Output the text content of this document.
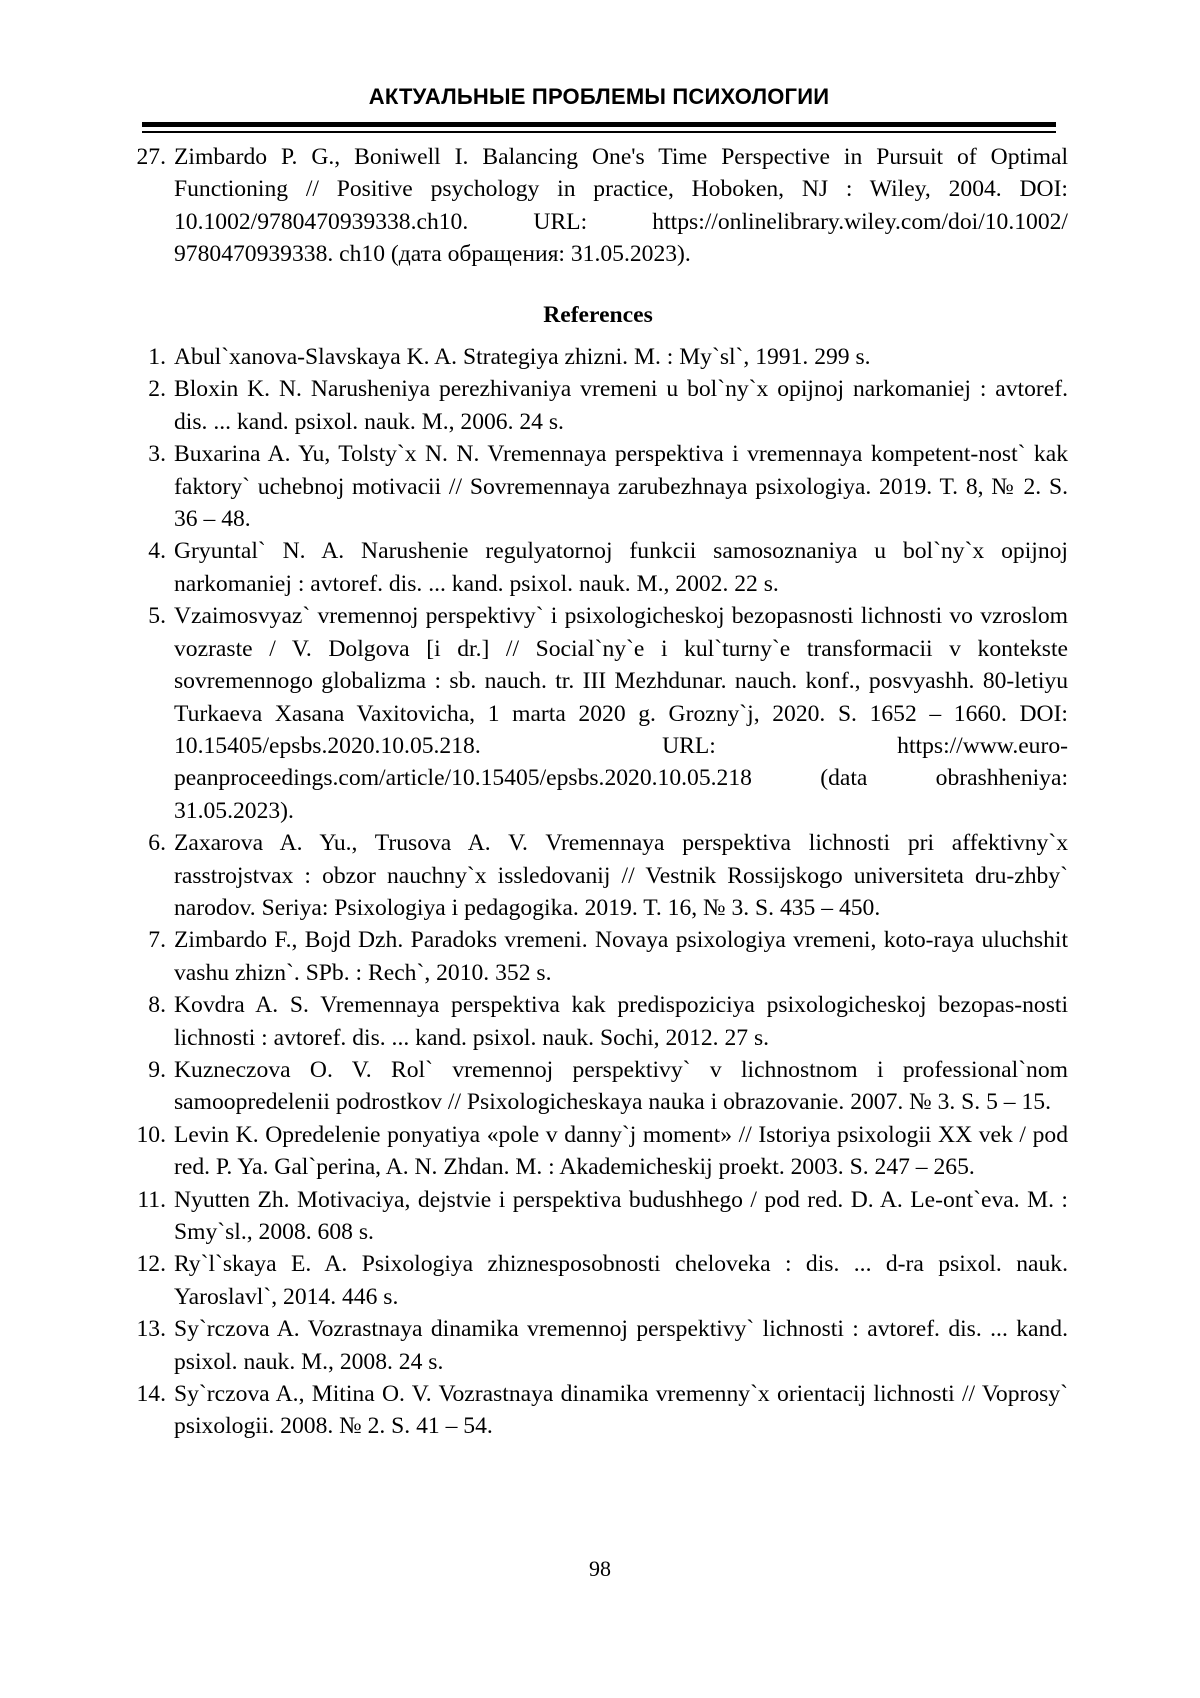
АКТУАЛЬНЫЕ ПРОБЛЕМЫ ПСИХОЛОГИИ
27. Zimbardo P. G., Boniwell I. Balancing One's Time Perspective in Pursuit of Optimal Functioning // Positive psychology in practice, Hoboken, NJ : Wiley, 2004. DOI: 10.1002/9780470939338.ch10. URL: https://onlinelibrary.wiley.com/doi/10.1002/ 9780470939338. ch10 (дата обращения: 31.05.2023).
References
1. Abul`xanova-Slavskaya K. A. Strategiya zhizni. M. : My`sl`, 1991. 299 s.
2. Bloxin K. N. Narusheniya perezhivaniya vremeni u bol`ny`x opijnoj narkomaniej : avtoref. dis. ... kand. psixol. nauk. M., 2006. 24 s.
3. Buxarina A. Yu, Tolsty`x N. N. Vremennaya perspektiva i vremennaya kompetent-nost` kak faktory` uchebnoj motivacii // Sovremennaya zarubezhnaya psixologiya. 2019. T. 8, № 2. S. 36 – 48.
4. Gryuntal` N. A. Narushenie regulyatornoj funkcii samosoznaniya u bol`ny`x opijnoj narkomaniej : avtoref. dis. ... kand. psixol. nauk. M., 2002. 22 s.
5. Vzaimosvyaz` vremennoj perspektivy` i psixologicheskoj bezopasnosti lichnosti vo vzroslom vozraste / V. Dolgova [i dr.] // Social`ny`e i kul`turny`e transformacii v kontekste sovremennogo globalizma : sb. nauch. tr. III Mezhdunar. nauch. konf., posvyashh. 80-letiyu Turkaeva Xasana Vaxitovicha, 1 marta 2020 g. Grozny`j, 2020. S. 1652 – 1660. DOI: 10.15405/epsbs.2020.10.05.218. URL: https://www.euro-peanproceedings.com/article/10.15405/epsbs.2020.10.05.218 (data obrashheniya: 31.05.2023).
6. Zaxarova A. Yu., Trusova A. V. Vremennaya perspektiva lichnosti pri affektivny`x rasstrojstvax : obzor nauchny`x issledovanij // Vestnik Rossijskogo universiteta dru-zhby` narodov. Seriya: Psixologiya i pedagogika. 2019. T. 16, № 3. S. 435 – 450.
7. Zimbardo F., Bojd Dzh. Paradoks vremeni. Novaya psixologiya vremeni, koto-raya uluchshit vashu zhizn`. SPb. : Rech`, 2010. 352 s.
8. Kovdra A. S. Vremennaya perspektiva kak predispoziciya psixologicheskoj bezopas-nosti lichnosti : avtoref. dis. ... kand. psixol. nauk. Sochi, 2012. 27 s.
9. Kuzneczova O. V. Rol` vremennoj perspektivy` v lichnostnom i professional`nom samoopredelenii podrostkov // Psixologicheskaya nauka i obrazovanie. 2007. № 3. S. 5 – 15.
10. Levin K. Opredelenie ponyatiya «pole v danny`j moment» // Istoriya psixologii XX vek / pod red. P. Ya. Gal`perina, A. N. Zhdan. M. : Akademicheskij proekt. 2003. S. 247 – 265.
11. Nyutten Zh. Motivaciya, dejstvie i perspektiva budushhego / pod red. D. A. Le-ont`eva. M. : Smy`sl., 2008. 608 s.
12. Ry`l`skaya E. A. Psixologiya zhiznesposobnosti cheloveka : dis. ... d-ra psixol. nauk. Yaroslavl`, 2014. 446 s.
13. Sy`rczova A. Vozrastnaya dinamika vremennoj perspektivy` lichnosti : avtoref. dis. ... kand. psixol. nauk. M., 2008. 24 s.
14. Sy`rczova A., Mitina O. V. Vozrastnaya dinamika vremenny`x orientacij lichnosti // Voprosy` psixologii. 2008. № 2. S. 41 – 54.
98
